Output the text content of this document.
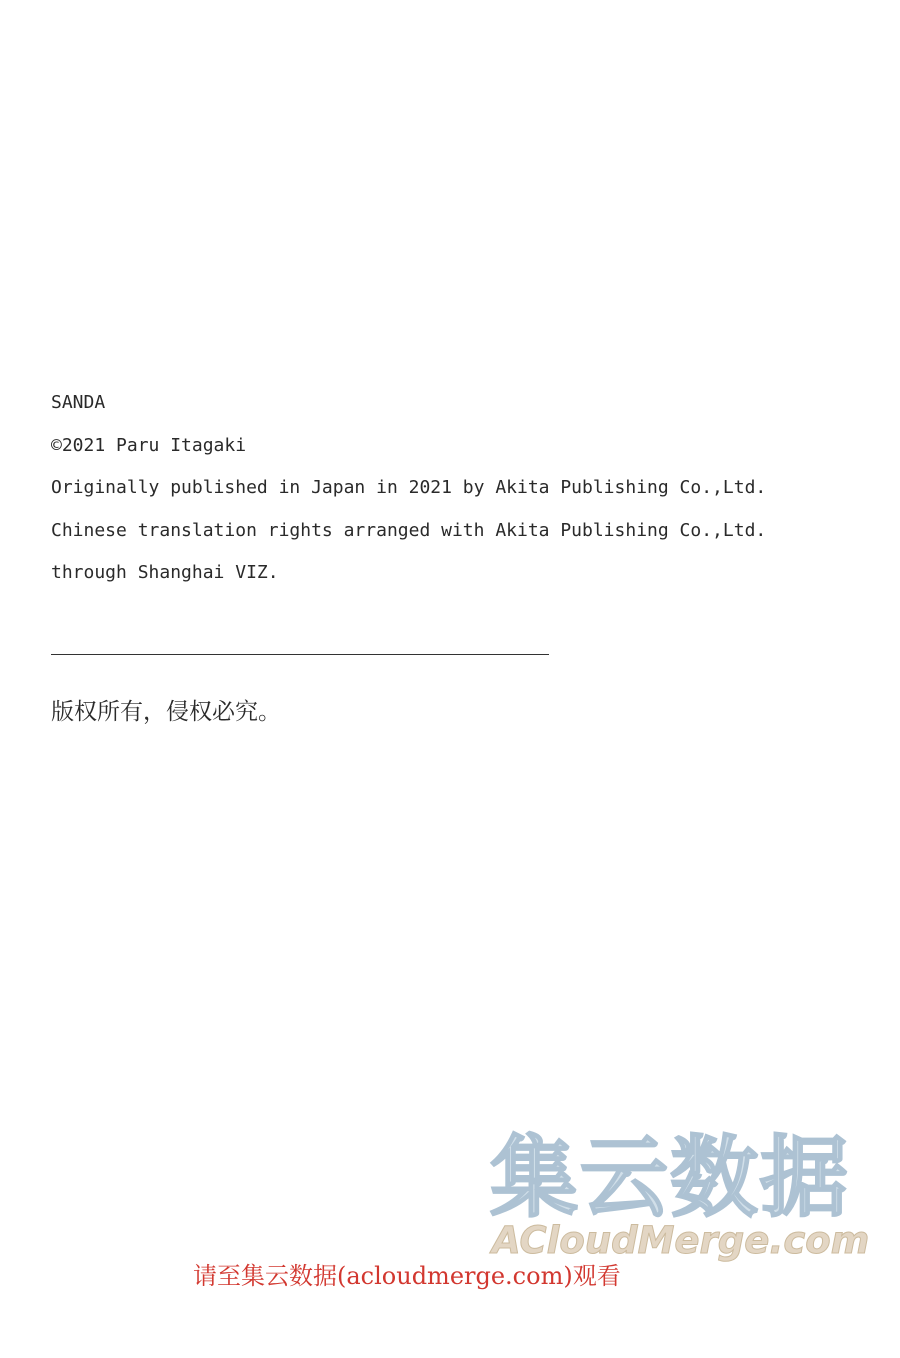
SANDA
©2021 Paru Itagaki
Originally published in Japan in 2021 by Akita Publishing Co.,Ltd.
Chinese translation rights arranged with Akita Publishing Co.,Ltd.
through Shanghai VIZ.
版权所有，侵权必究。
集云数据
ACloudMerge.com
请至集云数据(acloudmerge.com)观看
